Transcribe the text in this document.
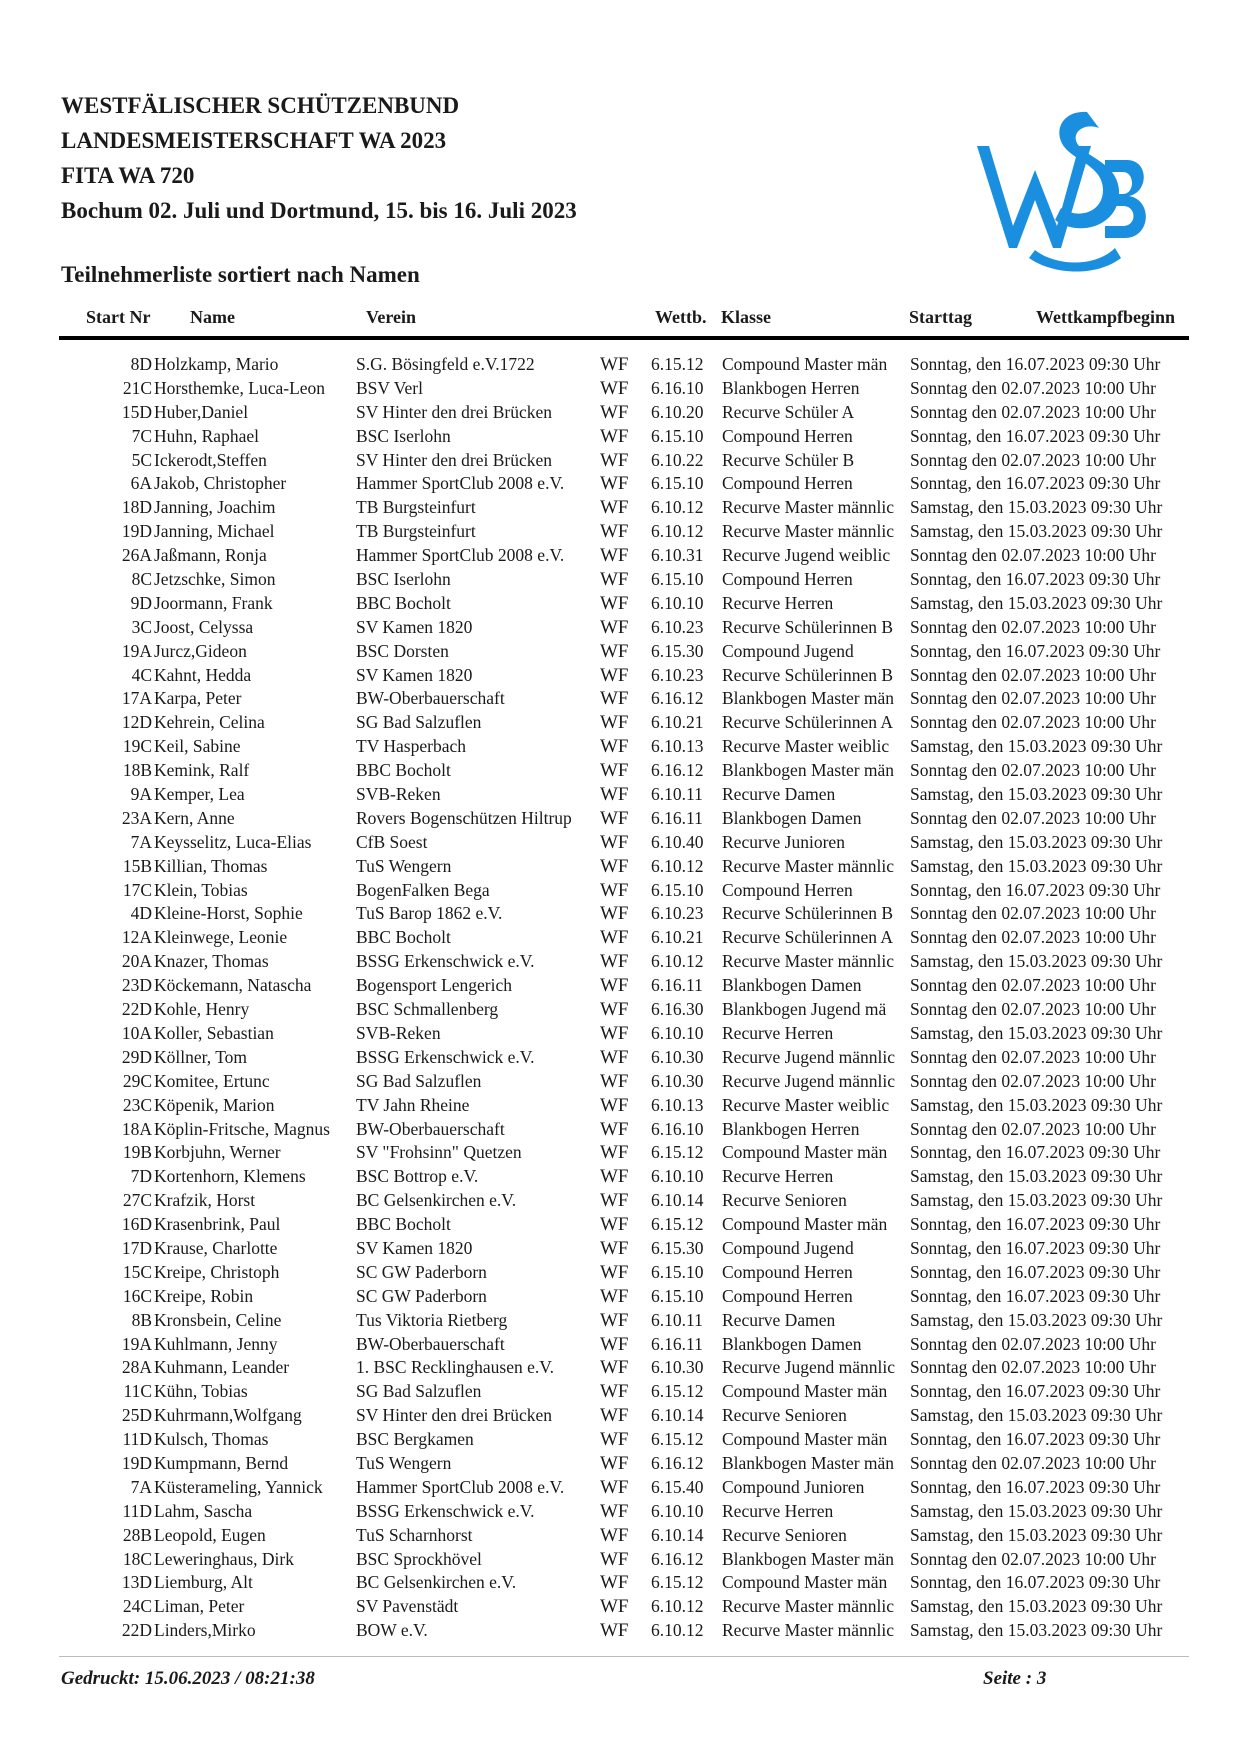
WESTFÄLISCHER SCHÜTZENBUND
LANDESMEISTERSCHAFT WA 2023
FITA WA 720
Bochum 02. Juli und Dortmund, 15. bis 16. Juli 2023
Teilnehmerliste sortiert nach Namen
Start Nr Name	Verein	Wettb. Klasse	Starttag	Wettkampfbeginn
8D Holzkamp, Mario	S.G. Bösingfeld e.V.1722	WF 6.15.12 Compound Master män	Sonntag, den 16.07.2023 09:30 Uhr
21C Horsthemke, Luca-Leon	BSV Verl	WF 6.16.10 Blankbogen Herren	Sonntag den 02.07.2023 10:00 Uhr
15D Huber,Daniel	SV Hinter den drei Brücken	WF 6.10.20 Recurve Schüler A	Sonntag den 02.07.2023 10:00 Uhr
7C Huhn, Raphael	BSC Iserlohn	WF 6.15.10 Compound Herren	Sonntag, den 16.07.2023 09:30 Uhr
5C Ickerodt,Steffen	SV Hinter den drei Brücken	WF 6.10.22 Recurve Schüler B	Sonntag den 02.07.2023 10:00 Uhr
6A Jakob, Christopher	Hammer SportClub 2008 e.V.	WF 6.15.10 Compound Herren	Sonntag, den 16.07.2023 09:30 Uhr
18D Janning, Joachim	TB Burgsteinfurt	WF 6.10.12 Recurve Master männlic Samstag, den 15.03.2023 09:30 Uhr
19D Janning, Michael	TB Burgsteinfurt	WF 6.10.12 Recurve Master männlic Samstag, den 15.03.2023 09:30 Uhr
26A Jaßmann, Ronja	Hammer SportClub 2008 e.V.	WF 6.10.31 Recurve Jugend weiblic	Sonntag den 02.07.2023 10:00 Uhr
8C Jetzschke, Simon	BSC Iserlohn	WF 6.15.10 Compound Herren	Sonntag, den 16.07.2023 09:30 Uhr
9D Joormann, Frank	BBC Bocholt	WF 6.10.10 Recurve Herren	Samstag, den 15.03.2023 09:30 Uhr
3C Joost, Celyssa	SV Kamen 1820	WF 6.10.23 Recurve Schülerinnen B Sonntag den 02.07.2023 10:00 Uhr
19A Jurcz,Gideon	BSC Dorsten	WF 6.15.30 Compound Jugend	Sonntag, den 16.07.2023 09:30 Uhr
4C Kahnt, Hedda	SV Kamen 1820	WF 6.10.23 Recurve Schülerinnen B Sonntag den 02.07.2023 10:00 Uhr
17A Karpa, Peter	BW-Oberbauerschaft	WF 6.16.12 Blankbogen Master män Sonntag den 02.07.2023 10:00 Uhr
12D Kehrein, Celina	SG Bad Salzuflen	WF 6.10.21 Recurve Schülerinnen A Sonntag den 02.07.2023 10:00 Uhr
19C Keil, Sabine	TV Hasperbach	WF 6.10.13 Recurve Master weiblic	Samstag, den 15.03.2023 09:30 Uhr
18B Kemink, Ralf	BBC Bocholt	WF 6.16.12 Blankbogen Master män Sonntag den 02.07.2023 10:00 Uhr
9A Kemper, Lea	SVB-Reken	WF 6.10.11 Recurve Damen	Samstag, den 15.03.2023 09:30 Uhr
23A Kern, Anne	Rovers Bogenschützen Hiltrup	WF 6.16.11 Blankbogen Damen	Sonntag den 02.07.2023 10:00 Uhr
7A Keysselitz, Luca-Elias	CfB Soest	WF 6.10.40 Recurve Junioren	Samstag, den 15.03.2023 09:30 Uhr
15B Killian, Thomas	TuS Wengern	WF 6.10.12 Recurve Master männlic Samstag, den 15.03.2023 09:30 Uhr
17C Klein, Tobias	BogenFalken Bega	WF 6.15.10 Compound Herren	Sonntag, den 16.07.2023 09:30 Uhr
4D Kleine-Horst, Sophie	TuS Barop 1862 e.V.	WF 6.10.23 Recurve Schülerinnen B Sonntag den 02.07.2023 10:00 Uhr
12A Kleinwege, Leonie	BBC Bocholt	WF 6.10.21 Recurve Schülerinnen A Sonntag den 02.07.2023 10:00 Uhr
20A Knazer, Thomas	BSSG Erkenschwick e.V.	WF 6.10.12 Recurve Master männlic Samstag, den 15.03.2023 09:30 Uhr
23D Köckemann, Natascha	Bogensport Lengerich	WF 6.16.11 Blankbogen Damen	Sonntag den 02.07.2023 10:00 Uhr
22D Kohle, Henry	BSC Schmallenberg	WF 6.16.30 Blankbogen Jugend mä	Sonntag den 02.07.2023 10:00 Uhr
10A Koller, Sebastian	SVB-Reken	WF 6.10.10 Recurve Herren	Samstag, den 15.03.2023 09:30 Uhr
29D Köllner, Tom	BSSG Erkenschwick e.V.	WF 6.10.30 Recurve Jugend männlic Sonntag den 02.07.2023 10:00 Uhr
29C Komitee, Ertunc	SG Bad Salzuflen	WF 6.10.30 Recurve Jugend männlic Sonntag den 02.07.2023 10:00 Uhr
23C Köpenik, Marion	TV Jahn Rheine	WF 6.10.13 Recurve Master weiblic	Samstag, den 15.03.2023 09:30 Uhr
18A Köplin-Fritsche, Magnus	BW-Oberbauerschaft	WF 6.16.10 Blankbogen Herren	Sonntag den 02.07.2023 10:00 Uhr
19B Korbjuhn, Werner	SV "Frohsinn" Quetzen	WF 6.15.12 Compound Master män	Sonntag, den 16.07.2023 09:30 Uhr
7D Kortenhorn, Klemens	BSC Bottrop e.V.	WF 6.10.10 Recurve Herren	Samstag, den 15.03.2023 09:30 Uhr
27C Krafzik, Horst	BC Gelsenkirchen e.V.	WF 6.10.14 Recurve Senioren	Samstag, den 15.03.2023 09:30 Uhr
16D Krasenbrink, Paul	BBC Bocholt	WF 6.15.12 Compound Master män	Sonntag, den 16.07.2023 09:30 Uhr
17D Krause, Charlotte	SV Kamen 1820	WF 6.15.30 Compound Jugend	Sonntag, den 16.07.2023 09:30 Uhr
15C Kreipe, Christoph	SC GW Paderborn	WF 6.15.10 Compound Herren	Sonntag, den 16.07.2023 09:30 Uhr
16C Kreipe, Robin	SC GW Paderborn	WF 6.15.10 Compound Herren	Sonntag, den 16.07.2023 09:30 Uhr
8B Kronsbein, Celine	Tus Viktoria Rietberg	WF 6.10.11 Recurve Damen	Samstag, den 15.03.2023 09:30 Uhr
19A Kuhlmann, Jenny	BW-Oberbauerschaft	WF 6.16.11 Blankbogen Damen	Sonntag den 02.07.2023 10:00 Uhr
28A Kuhmann, Leander	1. BSC Recklinghausen e.V.	WF 6.10.30 Recurve Jugend männlic Sonntag den 02.07.2023 10:00 Uhr
11C Kühn, Tobias	SG Bad Salzuflen	WF 6.15.12 Compound Master män	Sonntag, den 16.07.2023 09:30 Uhr
25D Kuhrmann,Wolfgang	SV Hinter den drei Brücken	WF 6.10.14 Recurve Senioren	Samstag, den 15.03.2023 09:30 Uhr
11D Kulsch, Thomas	BSC Bergkamen	WF 6.15.12 Compound Master män	Sonntag, den 16.07.2023 09:30 Uhr
19D Kumpmann, Bernd	TuS Wengern	WF 6.16.12 Blankbogen Master män Sonntag den 02.07.2023 10:00 Uhr
7A Küsterameling, Yannick	Hammer SportClub 2008 e.V.	WF 6.15.40 Compound Junioren	Sonntag, den 16.07.2023 09:30 Uhr
11D Lahm, Sascha	BSSG Erkenschwick e.V.	WF 6.10.10 Recurve Herren	Samstag, den 15.03.2023 09:30 Uhr
28B Leopold, Eugen	TuS Scharnhorst	WF 6.10.14 Recurve Senioren	Samstag, den 15.03.2023 09:30 Uhr
18C Leweringhaus, Dirk	BSC Sprockhövel	WF 6.16.12 Blankbogen Master män Sonntag den 02.07.2023 10:00 Uhr
13D Liemburg, Alt	BC Gelsenkirchen e.V.	WF 6.15.12 Compound Master män	Sonntag, den 16.07.2023 09:30 Uhr
24C Liman, Peter	SV Pavenstädt	WF 6.10.12 Recurve Master männlic Samstag, den 15.03.2023 09:30 Uhr
22D Linders,Mirko	BOW e.V.	WF 6.10.12 Recurve Master männlic Samstag, den 15.03.2023 09:30 Uhr
Gedruckt: 15.06.2023 / 08:21:38	Seite : 3
